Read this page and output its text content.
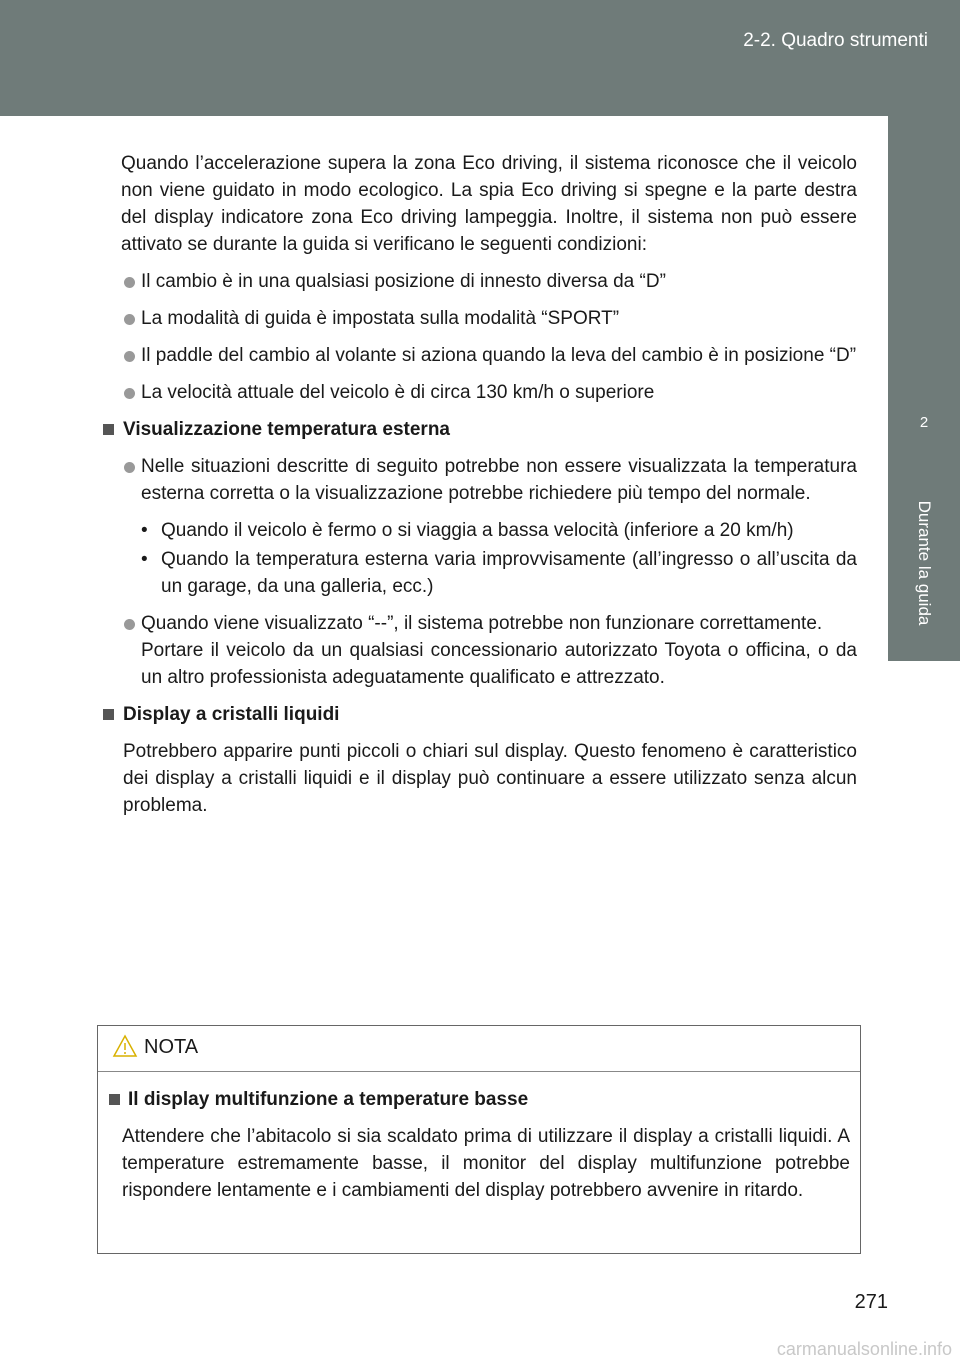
2-2. Quadro strumenti
2
Durante la guida

Quando l’accelerazione supera la zona Eco driving, il sistema riconosce che il veicolo non viene guidato in modo ecologico. La spia Eco driving si spegne e la parte destra del display indicatore zona Eco driving lampeggia. Inoltre, il sistema non può essere attivato se durante la guida si verificano le seguenti condizioni:

Il cambio è in una qualsiasi posizione di innesto diversa da “D”

La modalità di guida è impostata sulla modalità “SPORT”

Il paddle del cambio al volante si aziona quando la leva del cambio è in posizione “D”

La velocità attuale del veicolo è di circa 130 km/h o superiore

Visualizzazione temperatura esterna

Nelle situazioni descritte di seguito potrebbe non essere visualizzata la temperatura esterna corretta o la visualizzazione potrebbe richiedere più tempo del normale.

• Quando il veicolo è fermo o si viaggia a bassa velocità (inferiore a 20 km/h)

• Quando la temperatura esterna varia improvvisamente (all’ingresso o all’uscita da un garage, da una galleria, ecc.)

Quando viene visualizzato “--”, il sistema potrebbe non funzionare correttamente.
Portare il veicolo da un qualsiasi concessionario autorizzato Toyota o officina, o da un altro professionista adeguatamente qualificato e attrezzato.

Display a cristalli liquidi

Potrebbero apparire punti piccoli o chiari sul display. Questo fenomeno è caratteristico dei display a cristalli liquidi e il display può continuare a essere utilizzato senza alcun problema.

NOTA

Il display multifunzione a temperature basse

Attendere che l’abitacolo si sia scaldato prima di utilizzare il display a cristalli liquidi. A temperature estremamente basse, il monitor del display multifunzione potrebbe rispondere lentamente e i cambiamenti del display potrebbero avvenire in ritardo.

271
carmanualsonline.info
